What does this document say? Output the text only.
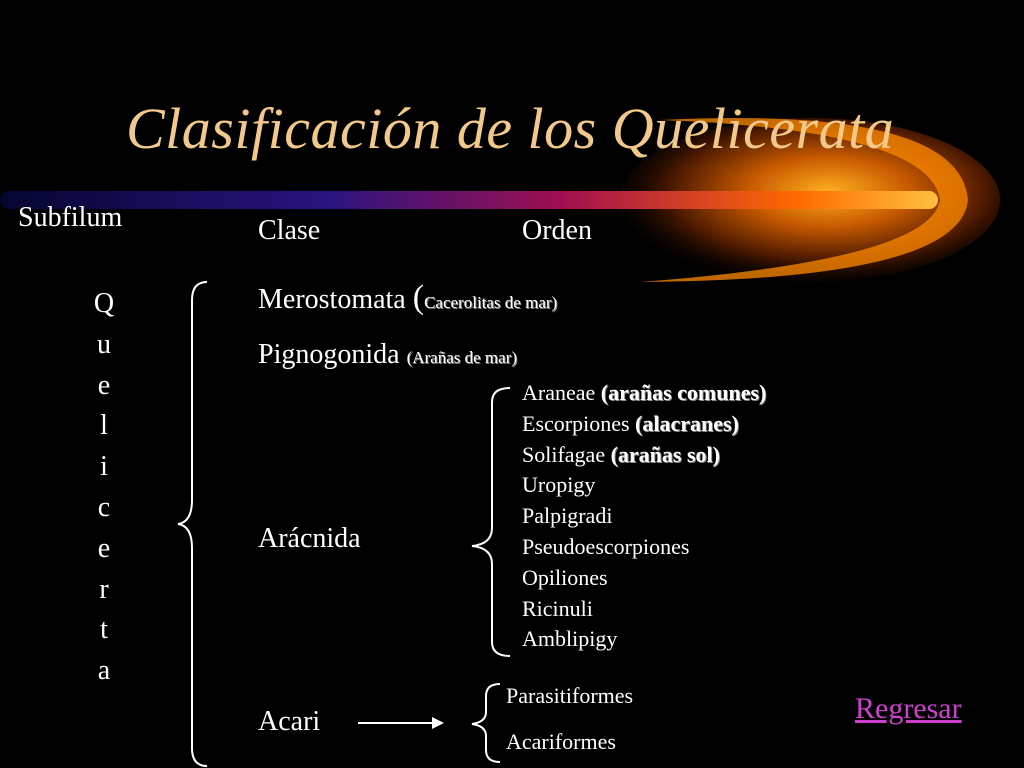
Clasificación de los Quelicerata
Subfilum	Clase	Orden
Q
u
e
l
i
c
e
r
t
a
Merostomata (Cacerolitas de mar)
Pignogonida (Arañas de mar)
Arácnida
Acari
Araneae (arañas comunes)
Escorpiones (alacranes)
Solifagae (arañas sol)
Uropigy
Palpigradi
Pseudoescorpiones
Opiliones
Ricinuli
Amblipigy
Parasitiformes
Acariformes
Regresar
